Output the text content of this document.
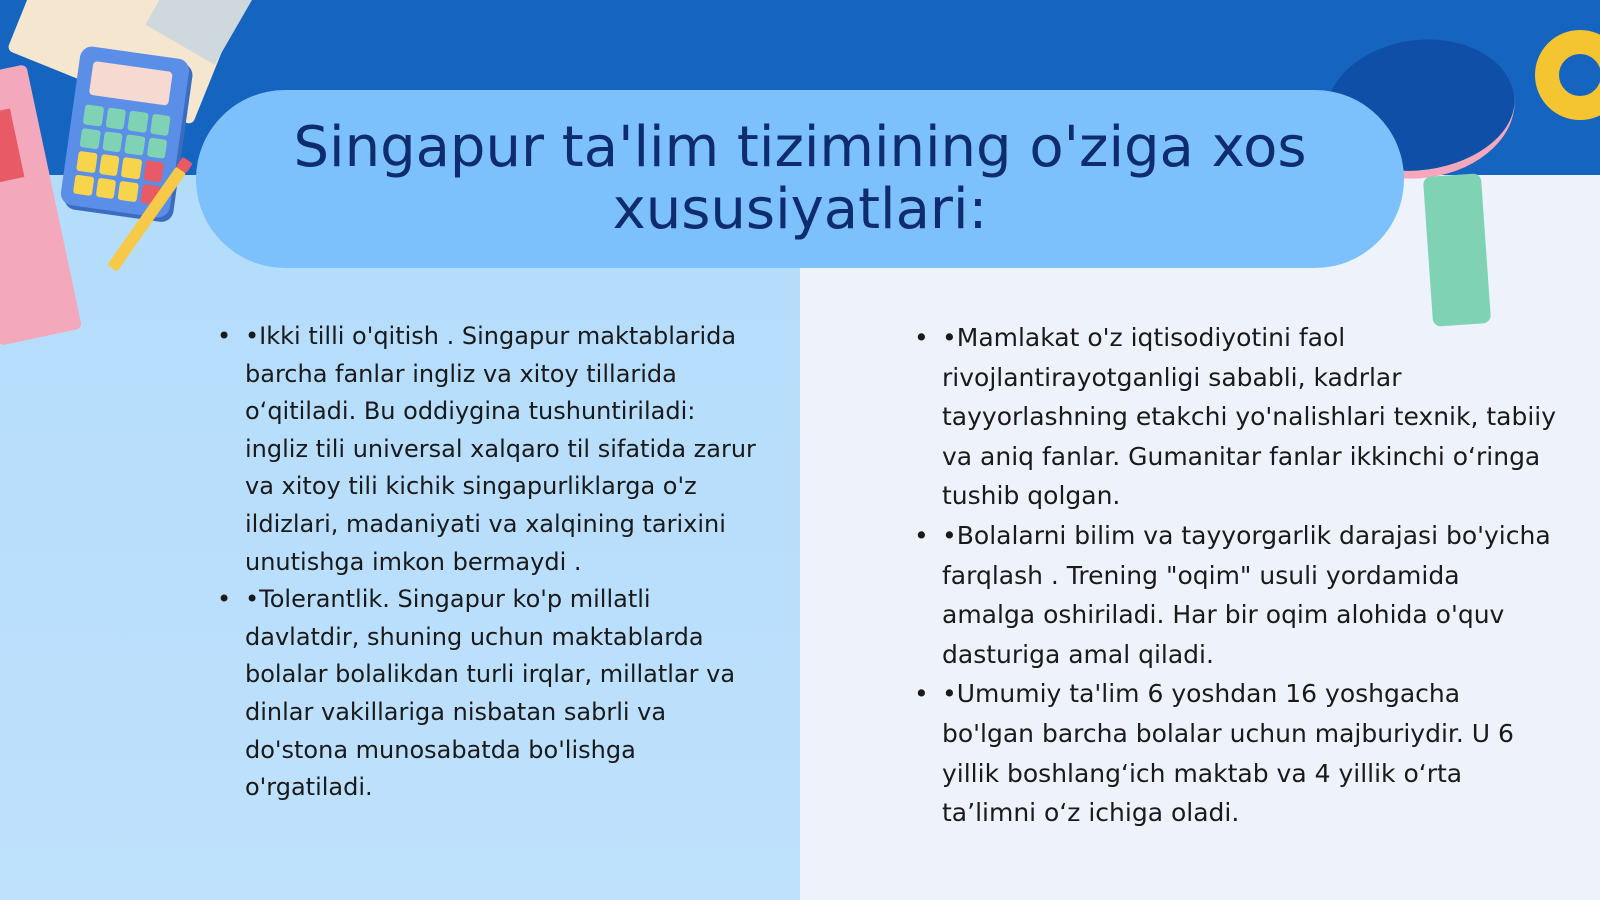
Singapur ta'lim tizimining o'ziga xos
xususiyatlari:
• •Ikki tilli o'qitish . Singapur maktablarida barcha fanlar ingliz va xitoy tillarida o‘qitiladi. Bu oddiygina tushuntiriladi: ingliz tili universal xalqaro til sifatida zarur va xitoy tili kichik singapurliklarga o'z ildizlari, madaniyati va xalqining tarixini unutishga imkon bermaydi .
• •Tolerantlik. Singapur ko'p millatli davlatdir, shuning uchun maktablarda bolalar bolalikdan turli irqlar, millatlar va dinlar vakillariga nisbatan sabrli va do'stona munosabatda bo'lishga o'rgatiladi.
• •Mamlakat o'z iqtisodiyotini faol rivojlantirayotganligi sababli, kadrlar tayyorlashning etakchi yo'nalishlari texnik, tabiiy va aniq fanlar. Gumanitar fanlar ikkinchi o‘ringa tushib qolgan.
• •Bolalarni bilim va tayyorgarlik darajasi bo'yicha farqlash . Trening "oqim" usuli yordamida amalga oshiriladi. Har bir oqim alohida o'quv dasturiga amal qiladi.
• •Umumiy ta'lim 6 yoshdan 16 yoshgacha bo'lgan barcha bolalar uchun majburiydir. U 6 yillik boshlang‘ich maktab va 4 yillik o‘rta ta’limni o‘z ichiga oladi.
